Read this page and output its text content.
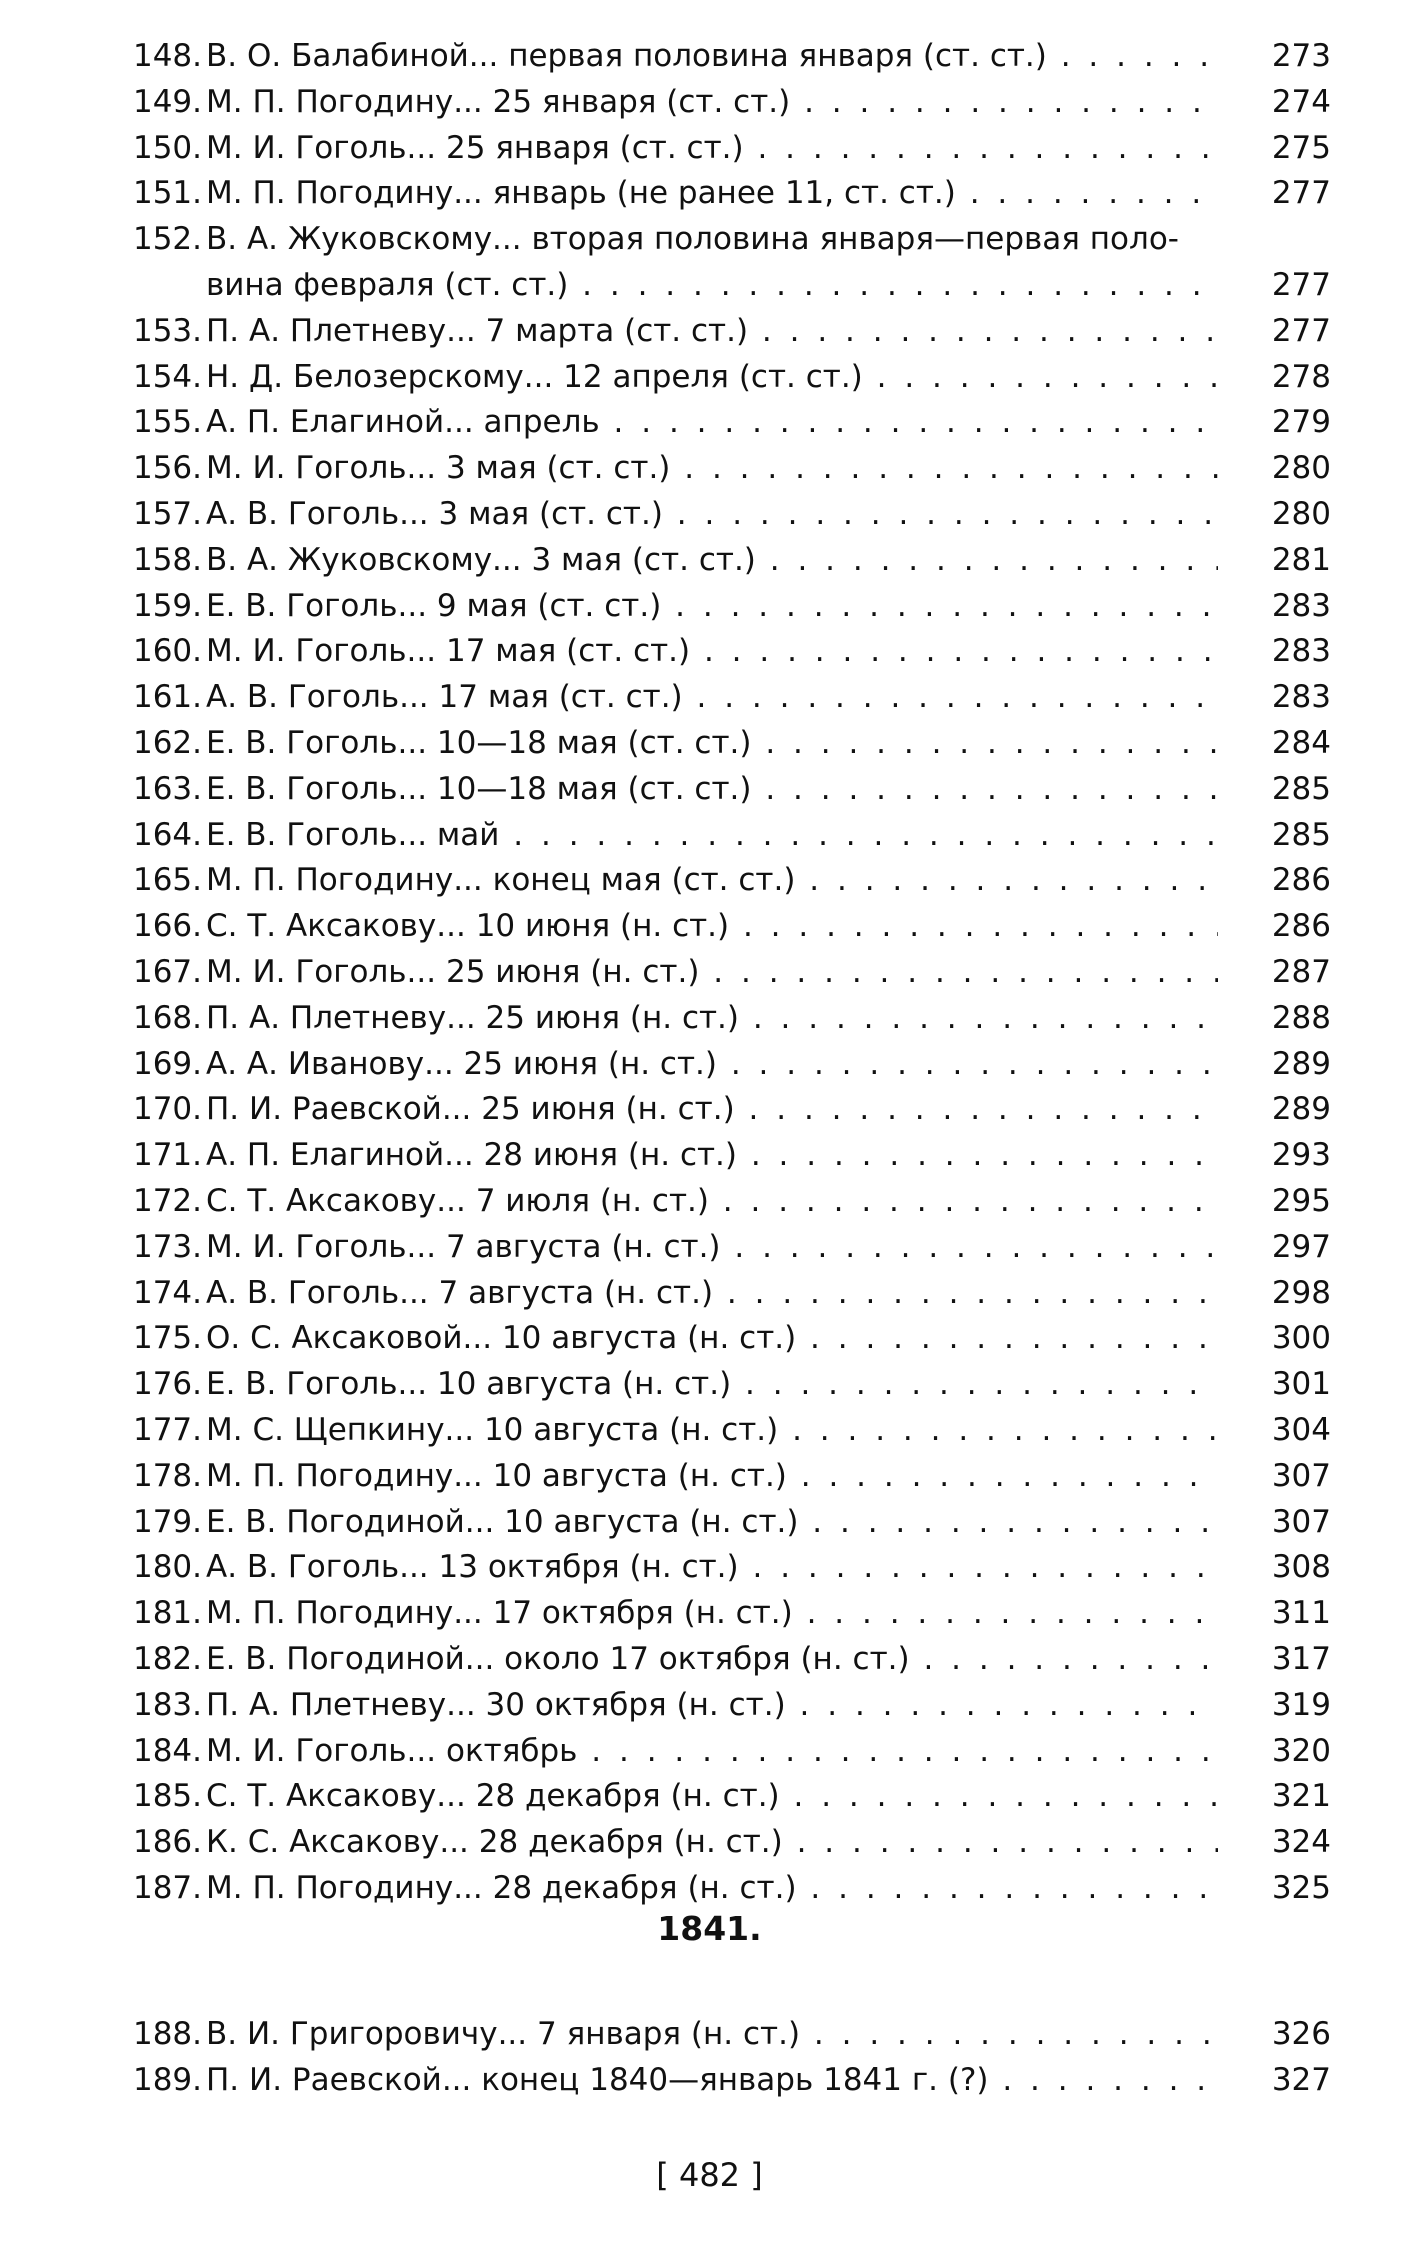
148. В. О. Балабиной... первая половина января (ст. ст.) . . .	273
149. М. П. Погодину... 25 января (ст. ст.) . . .	274
150. М. И. Гоголь... 25 января (ст. ст.) . . .	275
151. М. П. Погодину... январь (не ранее 11, ст. ст.) . . .	277
152. В. А. Жуковскому... вторая половина января—первая поло-
вина февраля (ст. ст.) . . .	277
153. П. А. Плетневу... 7 марта (ст. ст.) . . .	277
154. Н. Д. Белозерскому... 12 апреля (ст. ст.) . . .	278
155. А. П. Елагиной... апрель . . .	279
156. М. И. Гоголь... 3 мая (ст. ст.) . . .	280
157. А. В. Гоголь... 3 мая (ст. ст.) . . .	280
158. В. А. Жуковскому... 3 мая (ст. ст.) . . .	281
159. Е. В. Гоголь... 9 мая (ст. ст.) . . .	283
160. М. И. Гоголь... 17 мая (ст. ст.) . . .	283
161. А. В. Гоголь... 17 мая (ст. ст.) . . .	283
162. Е. В. Гоголь... 10—18 мая (ст. ст.) . . .	284
163. Е. В. Гоголь... 10—18 мая (ст. ст.) . . .	285
164. Е. В. Гоголь... май . . .	285
165. М. П. Погодину... конец мая (ст. ст.) . . .	286
166. С. Т. Аксакову... 10 июня (н. ст.) . . .	286
167. М. И. Гоголь... 25 июня (н. ст.) . . .	287
168. П. А. Плетневу... 25 июня (н. ст.) . . .	288
169. А. А. Иванову... 25 июня (н. ст.) . . .	289
170. П. И. Раевской... 25 июня (н. ст.) . . .	289
171. А. П. Елагиной... 28 июня (н. ст.) . . .	293
172. С. Т. Аксакову... 7 июля (н. ст.) . . .	295
173. М. И. Гоголь... 7 августа (н. ст.) . . .	297
174. А. В. Гоголь... 7 августа (н. ст.) . . .	298
175. О. С. Аксаковой... 10 августа (н. ст.) . . .	300
176. Е. В. Гоголь... 10 августа (н. ст.) . . .	301
177. М. С. Щепкину... 10 августа (н. ст.) . . .	304
178. М. П. Погодину... 10 августа (н. ст.) . . .	307
179. Е. В. Погодиной... 10 августа (н. ст.) . . .	307
180. А. В. Гоголь... 13 октября (н. ст.) . . .	308
181. М. П. Погодину... 17 октября (н. ст.) . . .	311
182. Е. В. Погодиной... около 17 октября (н. ст.) . . .	317
183. П. А. Плетневу... 30 октября (н. ст.) . . .	319
184. М. И. Гоголь... октябрь . . .	320
185. С. Т. Аксакову... 28 декабря (н. ст.) . . .	321
186. К. С. Аксакову... 28 декабря (н. ст.) . . .	324
187. М. П. Погодину... 28 декабря (н. ст.) . . .	325
1841.
188. В. И. Григоровичу... 7 января (н. ст.) . . .	326
189. П. И. Раевской... конец 1840—январь 1841 г. (?) . . .	327
[ 482 ]
